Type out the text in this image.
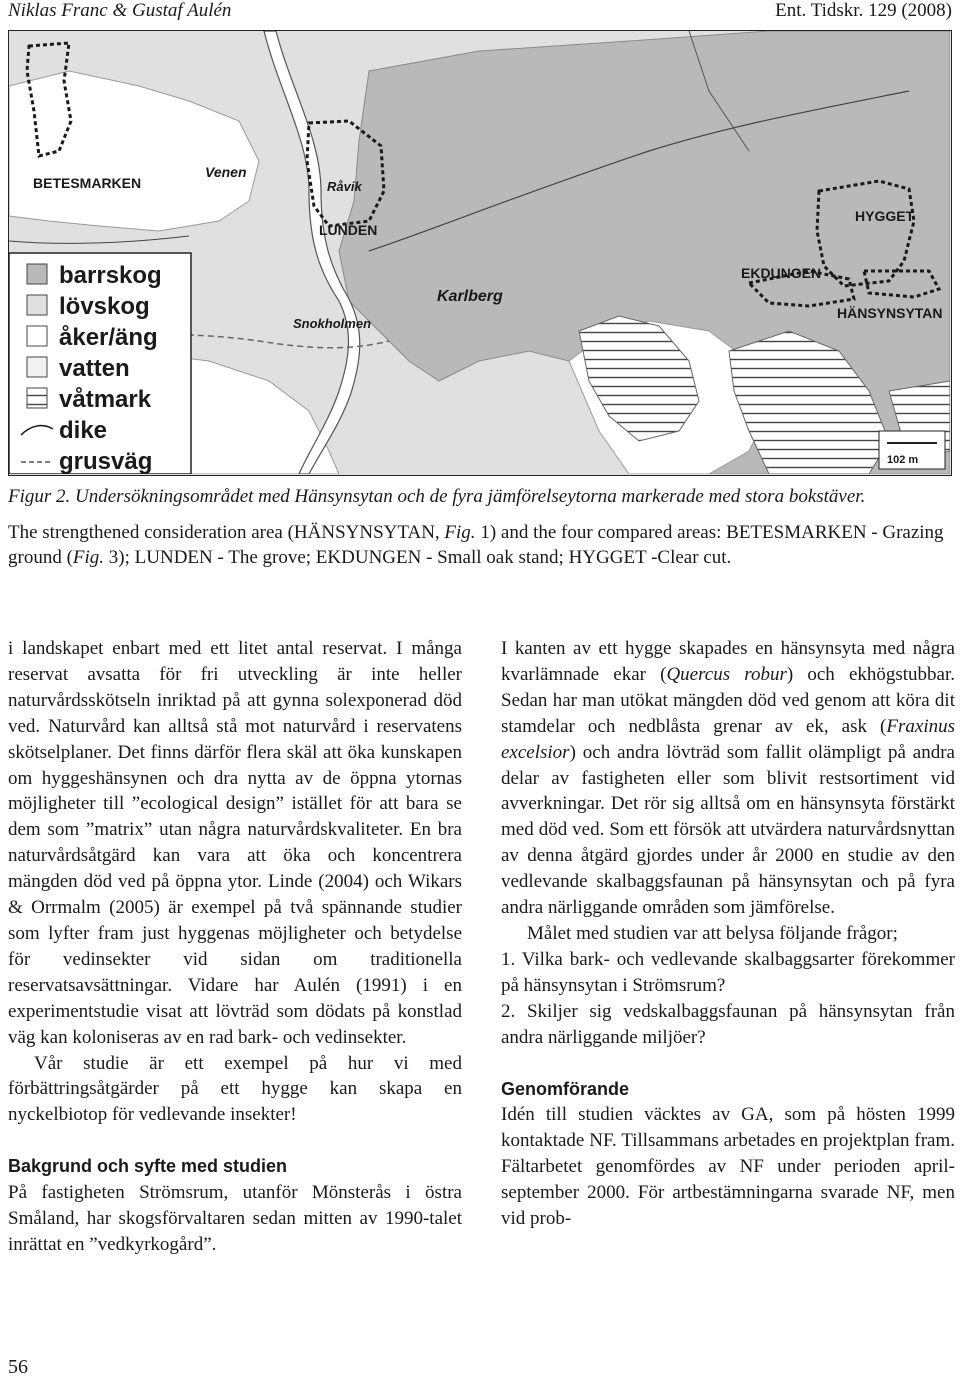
Niklas Franc & Gustaf Aulén	Ent. Tidskr. 129 (2008)
BETESMARKEN
Venen
Råvik
LUNDEN
Karlberg
Snokholmen
HYGGET
EKDUNGEN
HÄNSYNSYTAN
barrskog
lövskog
åker/äng
vatten
våtmark
dike
grusväg	102 m

Figur 2. Undersökningsområdet med Hänsynsytan och de fyra jämförelseytorna markerade med stora bokstäver.

The strengthened consideration area (HÄNSYNSYTAN, Fig. 1) and the four compared areas: BETESMARKEN - Grazing ground (Fig. 3); LUNDEN - The grove; EKDUNGEN - Small oak stand; HYGGET -Clear cut.

i landskapet enbart med ett litet antal reservat. I många reservat avsatta för fri utveckling är inte heller naturvårdsskötseln inriktad på att gynna solexponerad död ved. Naturvård kan alltså stå mot naturvård i reservatens skötselplaner. Det finns därför flera skäl att öka kunskapen om hyggeshänsynen och dra nytta av de öppna ytornas möjligheter till ”ecological design” istället för att bara se dem som ”matrix” utan några naturvårdskvaliteter. En bra naturvårdsåtgärd kan vara att öka och koncentrera mängden död ved på öppna ytor. Linde (2004) och Wikars & Orrmalm (2005) är exempel på två spännande studier som lyfter fram just hyggenas möjligheter och betydelse för vedinsekter vid sidan om traditionella reservatsavsättningar. Vidare har Aulén (1991) i en experimentstudie visat att lövträd som dödats på konstlad väg kan koloniseras av en rad bark- och vedinsekter.

Vår studie är ett exempel på hur vi med förbättringsåtgärder på ett hygge kan skapa en nyckelbiotop för vedlevande insekter!

Bakgrund och syfte med studien

På fastigheten Strömsrum, utanför Mönsterås i östra Småland, har skogsförvaltaren sedan mitten av 1990-talet inrättat en ”vedkyrkogård”.

I kanten av ett hygge skapades en hänsynsyta med några kvarlämnade ekar (Quercus robur) och ekhögstubbar. Sedan har man utökat mängden död ved genom att köra dit stamdelar och nedblåsta grenar av ek, ask (Fraxinus excelsior) och andra lövträd som fallit olämpligt på andra delar av fastigheten eller som blivit restsortiment vid avverkningar. Det rör sig alltså om en hänsynsyta förstärkt med död ved. Som ett försök att utvärdera naturvårdsnyttan av denna åtgärd gjordes under år 2000 en studie av den vedlevande skalbaggsfaunan på hänsynsytan och på fyra andra närliggande områden som jämförelse.

Målet med studien var att belysa följande frågor;

1. Vilka bark- och vedlevande skalbaggsarter förekommer på hänsynsytan i Strömsrum?

2. Skiljer sig vedskalbaggsfaunan på hänsynsytan från andra närliggande miljöer?

Genomförande

Idén till studien väcktes av GA, som på hösten 1999 kontaktade NF. Tillsammans arbetades en projektplan fram. Fältarbetet genomfördes av NF under perioden april-september 2000. För artbestämningarna svarade NF, men vid prob-

56
